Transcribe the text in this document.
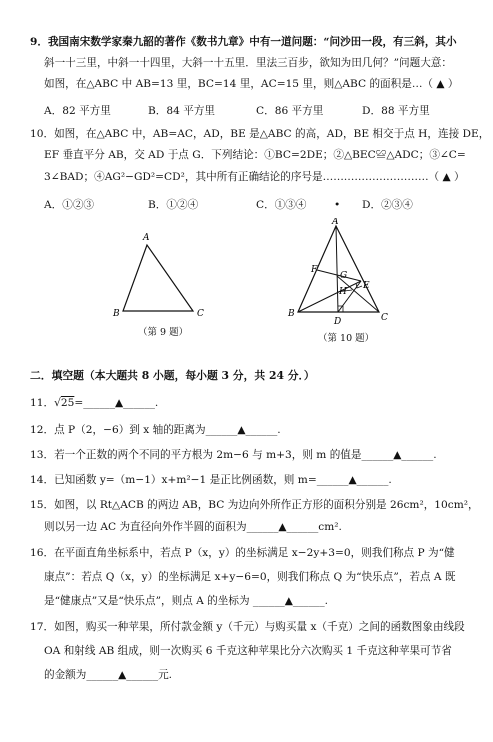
9．我国南宋数学家秦九韶的著作《数书九章》中有一道问题：“问沙田一段，有三斜，其小
斜一十三里，中斜一十四里，大斜一十五里．里法三百步，欲知为田几何？”问题大意：
如图，在△ABC 中 AB=13 里，BC=14 里，AC=15 里，则△ABC 的面积是…（ ▲ ）
A．82 平方里	B．84 平方里	C．86 平方里	D．88 平方里
10．如图，在△ABC 中，AB=AC，AD，BE 是△ABC 的高，AD，BE 相交于点 H，连接 DE，
EF 垂直平分 AB，交 AD 于点 G．下列结论：①BC=2DE；②△BEC≌△ADC；③∠C=
3∠BAD；④AG²−GD²=CD²，其中所有正确结论的序号是…………………………（ ▲ ）
A．①②③	B．①②④	C．①③④	• D．②③④
A
B	C
（第 9 题）
A
F
G
H
E
B
D	C
（第 10 题）
二．填空题（本大题共 8 小题，每小题 3 分，共 24 分．）
11．√25=______▲______.
12．点 P（2，−6）到 x 轴的距离为______▲______.
13．若一个正数的两个不同的平方根为 2m−6 与 m+3，则 m 的值是______▲______.
14．已知函数 y=（m−1）x+m²−1 是正比例函数，则 m=______▲______.
15．如图，以 Rt△ACB 的两边 AB，BC 为边向外所作正方形的面积分别是 26cm²，10cm²，
则以另一边 AC 为直径向外作半圆的面积为______▲______cm².
16．在平面直角坐标系中，若点 P（x，y）的坐标满足 x−2y+3=0，则我们称点 P 为“健
康点”：若点 Q（x，y）的坐标满足 x+y−6=0，则我们称点 Q 为“快乐点”，若点 A 既
是“健康点”又是“快乐点”，则点 A 的坐标为 ______▲______.
17．如图，购买一种苹果，所付款金额 y（千元）与购买量 x（千克）之间的函数图象由线段
OA 和射线 AB 组成，则一次购买 6 千克这种苹果比分六次购买 1 千克这种苹果可节省
的金额为______▲______元.
